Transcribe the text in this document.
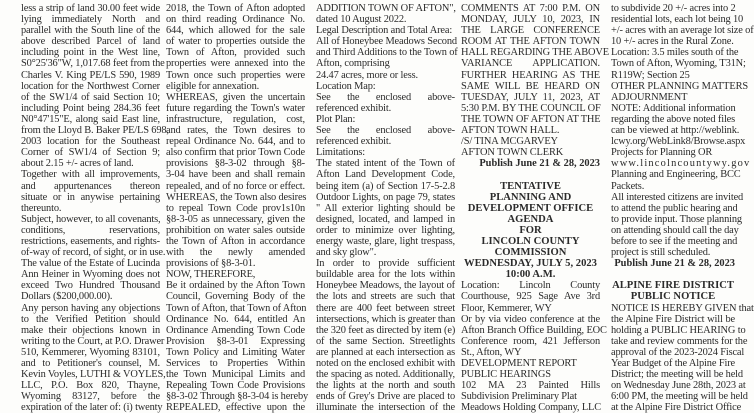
less a strip of land 30.00 feet wide
lying immediately North and
parallel with the South line of the
above described Parcel of land
including point in the West line,
S0°25'36"W, 1,017.68 feet from the
Charles V. King PE/LS 590, 1989
location for the Northwest Corner
of the SW1/4 of said Section 10;
including Point being 284.36 feet
N0°47'15"E, along said East line,
from the Lloyd B. Baker PE/LS 698,
2003 location for the Southeast
Corner of SW1/4 of Section 9;
about 2.15 +/- acres of land.
Together with all improvements,
and appurtenances thereon
situate or in anywise pertaining
thereunto.
Subject, however, to all covenants,
conditions, reservations,
restrictions, easements, and rights-
of-way of record, of sight, or in use.
The value of the Estate of Lucinda
Ann Heiner in Wyoming does not
exceed Two Hundred Thousand
Dollars ($200,000.00).
Any person having any objections
to the Verified Petition should
make their objections known in
writing to the Court, at P.O. Drawer
510, Kemmerer, Wyoming 83101,
and to Petitioner's counsel, M.
Kevin Voyles, LUTHI & VOYLES,
LLC, P.O. Box 820, Thayne,
Wyoming 83127, before the
expiration of the later of: (i) twenty
2018, the Town of Afton adopted
on third reading Ordinance No.
644, which allowed for the sale
of water to properties outside the
Town of Afton, provided such
properties were annexed into the
Town once such properties were
eligible for annexation.
WHEREAS, given the uncertain
future regarding the Town's water
infrastructure, regulation, cost,
and rates, the Town desires to
repeal Ordinance No. 644, and to
also confirm that prior Town Code
provisions §8-3-02 through §8-
3-04 have been and shall remain
repealed, and of no force or effect.
WHEREAS, the Town also desires
to repeal Town Code prov1s10n
§8-3-05 as unnecessary, given the
prohibition on water sales outside
the Town of Afton in accordance
with the newly amended
provisions of §8-3-01.
NOW, THEREFORE,
Be it ordained by the Afton Town
Council, Governing Body of the
Town of Afton, that Town of Afton
Ordinance No. 644, entitled An
Ordinance Amending Town Code
Provision §8-3-01 Expressing
Town Policy and Limiting Water
Services to Properties Within
the Town Municipal Limits and
Repealing Town Code Provisions
§8-3-02 Through §8-3-04 is hereby
REPEALED, effective upon the
ADDITION TOWN OF AFTON",
dated 10 August 2022.
Legal Description and Total Area:
All of Honeybee Meadows Second
and Third Additions to the Town of
Afton, comprising
24.47 acres, more or less.
Location Map:
See the enclosed above-
referenced exhibit.
Plot Plan:
See the enclosed above-
referenced exhibit.
Limitations:
The stated intent of the Town of
Afton Land Development Code,
being item (a) of Section 17-5-2.8
Outdoor Lights, on page 79, states
" All exterior lighting should be
designed, located, and lamped in
order to minimize over lighting,
energy waste, glare, light trespass,
and sky glow".
In order to provide sufficient
buildable area for the lots within
Honeybee Meadows, the layout of
the lots and streets are such that
there are 400 feet between street
intersections, which is greater than
the 320 feet as directed by item (e)
of the same Section. Streetlights
are planned at each intersection as
noted on the enclosed exhibit with
the spacing as noted. Additionally,
the lights at the north and south
ends of Grey's Drive are placed to
illuminate the intersection of the
COMMENTS AT 7:00 P.M. ON
MONDAY, JULY 10, 2023, IN
THE LARGE CONFERENCE
ROOM AT THE AFTON TOWN
HALL REGARDING THE ABOVE
VARIANCE APPLICATION.
FURTHER HEARING AS THE
SAME WILL BE HEARD ON
TUESDAY, JULY 11, 2023, AT
5:30 P.M. BY THE COUNCIL OF
THE TOWN OF AFTON AT THE
AFTON TOWN HALL.
/S/ TINA MCGARVEY
AFTON TOWN CLERK
Publish June 21 & 28, 2023
TENTATIVE
PLANNING AND
DEVELOPMENT OFFICE
AGENDA
FOR
LINCOLN COUNTY
COMMISSION
WEDNESDAY, JULY 5, 2023
10:00 A.M.
Location: Lincoln County
Courthouse, 925 Sage Ave 3rd
Floor, Kemmerer, WY
Or by via video conference at the
Afton Branch Office Building, EOC
Conference room, 421 Jefferson
St., Afton, WY
DEVELOPMENT REPORT
PUBLIC HEARINGS
102 MA 23 Painted Hills
Subdivision Preliminary Plat
Meadows Holding Company, LLC
to subdivide 20 +/- acres into 2
residential lots, each lot being 10
+/- acres with an average lot size of
10 +/- acres in the Rural Zone.
Location: 3.5 miles south of the
Town of Afton, Wyoming, T31N;
R119W; Section 25
OTHER PLANNING MATTERS
ADJOURNMENT
NOTE: Additional information
regarding the above noted files
can be viewed at http://weblink.
lcwy.org/WebLink8/Browse.aspx
Projects for Planning OR
www.lincolncountywy.gov
Planning and Engineering, BCC
Packets.
All interested citizens are invited
to attend the public hearing and
to provide input. Those planning
on attending should call the day
before to see if the meeting and
project is still scheduled.
Publish June 21 & 28, 2023
ALPINE FIRE DISTRICT
PUBLIC NOTICE
NOTICE IS HEREBY GIVEN that
the Alpine Fire District will be
holding a PUBLIC HEARING to
take and review comments for the
approval of the 2023-2024 Fiscal
Year Budget of the Alpine Fire
District; the meeting will be held
on Wednesday June 28th, 2023 at
6:00 PM, the meeting will be held
at the Alpine Fire District Office
